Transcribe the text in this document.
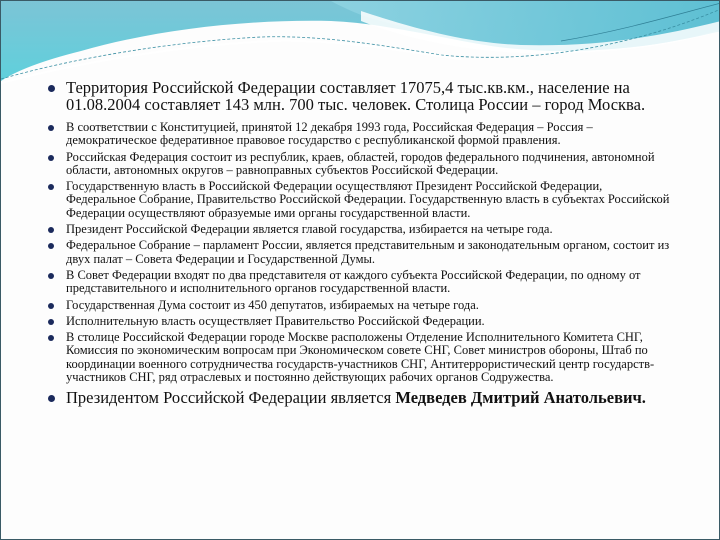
Территория Российской Федерации составляет 17075,4 тыс.кв.км., население на 01.08.2004 составляет 143 млн. 700 тыс. человек. Столица России – город Москва.
В соответствии с Конституцией, принятой 12 декабря 1993 года, Российская Федерация – Россия – демократическое федеративное правовое государство с республиканской формой правления.
Российская Федерация состоит из республик, краев, областей, городов федерального подчинения, автономной области, автономных округов – равноправных субъектов Российской Федерации.
Государственную власть в Российской Федерации осуществляют Президент Российской Федерации, Федеральное Собрание, Правительство Российской Федерации. Государственную власть в субъектах Российской Федерации осуществляют образуемые ими органы государственной власти.
Президент Российской Федерации является главой государства, избирается на четыре года.
Федеральное Собрание – парламент России, является представительным и законодательным органом, состоит из двух палат – Совета Федерации и Государственной Думы.
В Совет Федерации входят по два представителя от каждого субъекта Российской Федерации, по одному от представительного и исполнительного органов государственной власти.
Государственная Дума состоит из 450 депутатов, избираемых на четыре года.
Исполнительную власть осуществляет Правительство Российской Федерации.
В столице Российской Федерации городе Москве расположены Отделение Исполнительного Комитета СНГ, Комиссия по экономическим вопросам при Экономическом совете СНГ, Совет министров обороны, Штаб по координации военного сотрудничества государств-участников СНГ, Антитеррористический центр государств-участников СНГ, ряд отраслевых и постоянно действующих рабочих органов Содружества.
Президентом Российской Федерации является Медведев Дмитрий Анатольевич.
